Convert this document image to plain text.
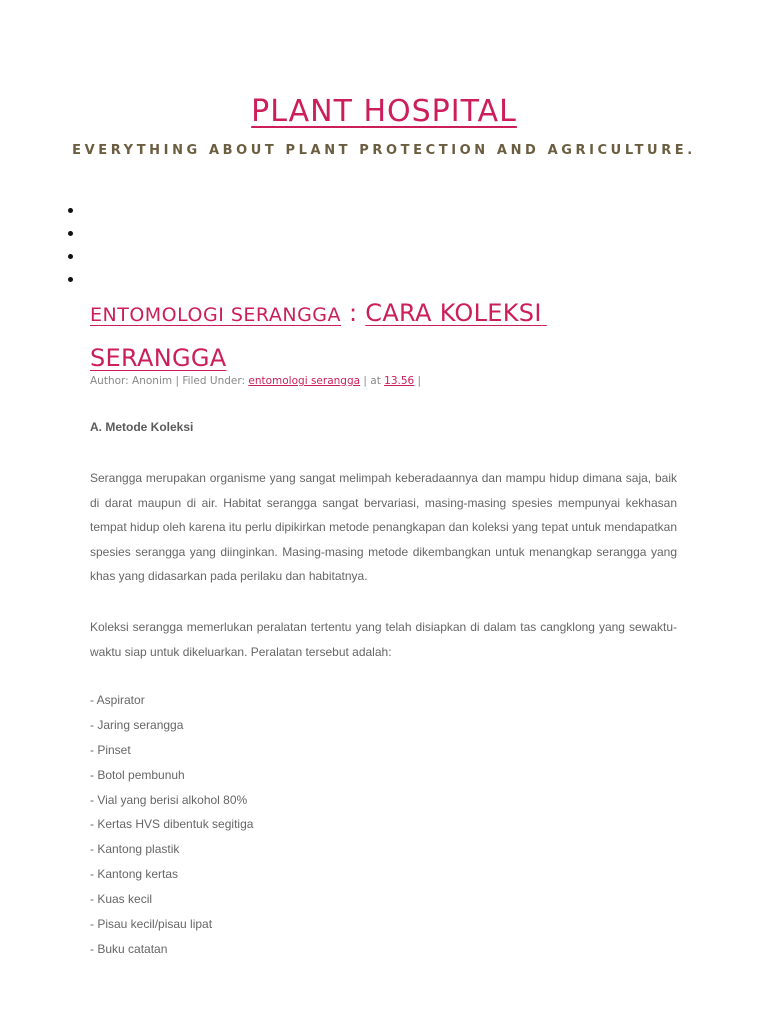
PLANT HOSPITAL
EVERYTHING ABOUT PLANT PROTECTION AND AGRICULTURE.
ENTOMOLOGI SERANGGA : CARA KOLEKSI
SERANGGA
Author: Anonim | Filed Under: entomologi serangga | at 13.56 |
A. Metode Koleksi
Serangga merupakan organisme yang sangat melimpah keberadaannya dan mampu hidup dimana saja, baik di darat maupun di air. Habitat serangga sangat bervariasi, masing-masing spesies mempunyai kekhasan tempat hidup oleh karena itu perlu dipikirkan metode penangkapan dan koleksi yang tepat untuk mendapatkan spesies serangga yang diinginkan. Masing-masing metode dikembangkan untuk menangkap serangga yang khas yang didasarkan pada perilaku dan habitatnya.
Koleksi serangga memerlukan peralatan tertentu yang telah disiapkan di dalam tas cangklong yang sewaktu-waktu siap untuk dikeluarkan. Peralatan tersebut adalah:
- Aspirator
- Jaring serangga
- Pinset
- Botol pembunuh
- Vial yang berisi alkohol 80%
- Kertas HVS dibentuk segitiga
- Kantong plastik
- Kantong kertas
- Kuas kecil
- Pisau kecil/pisau lipat
- Buku catatan
